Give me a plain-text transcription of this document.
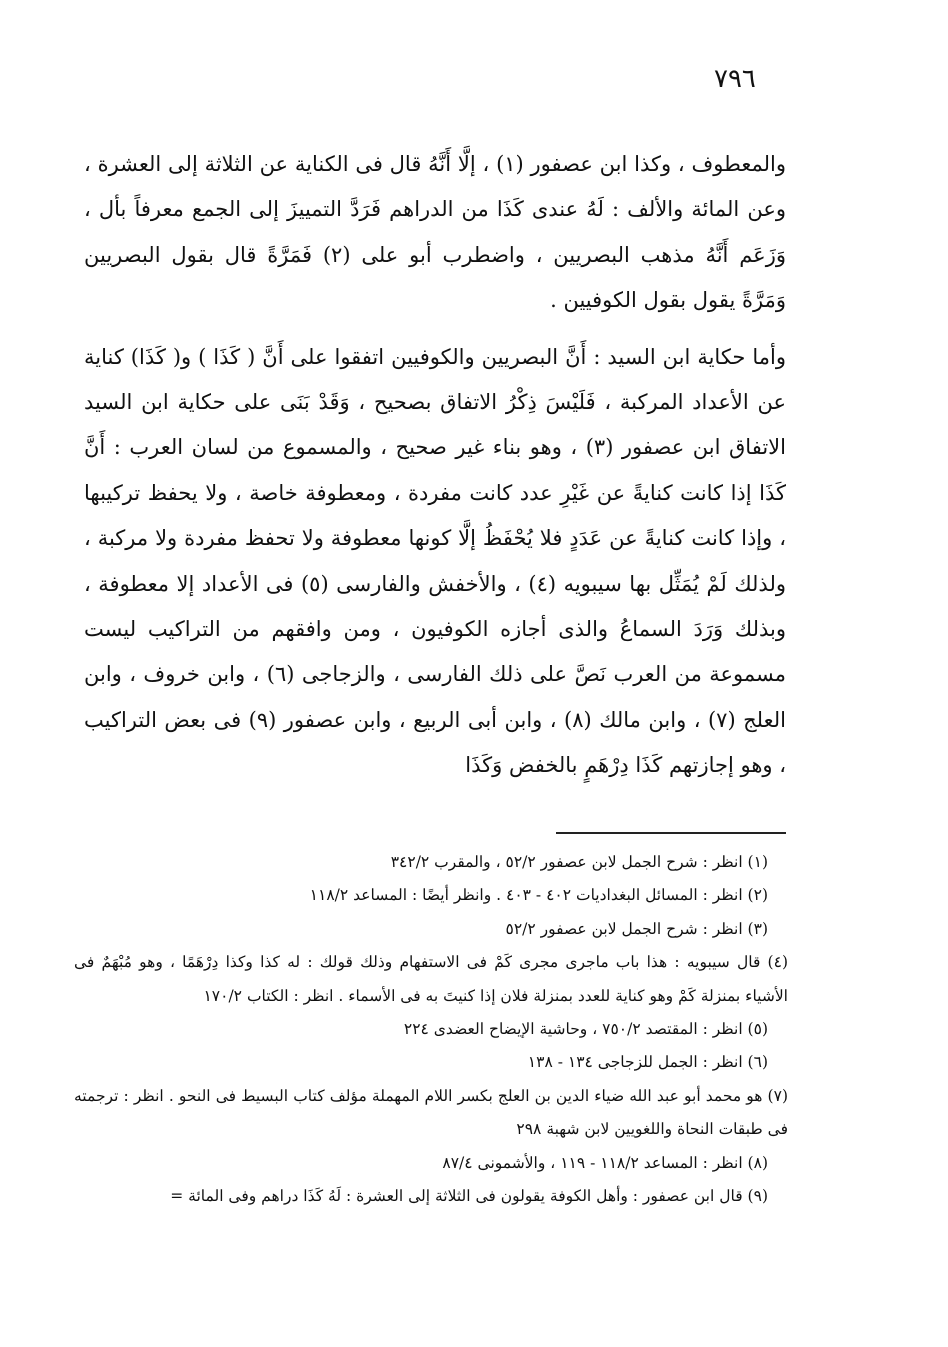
٧٩٦

والمعطوف ، وكذا ابن عصفور (١) ، إلَّا أَنَّهُ قال فى الكناية عن الثلاثة إلى العشرة ، وعن المائة والألف : لَهُ عندى كَذَا من الدراهم فَرَدَّ التمييزَ إلى الجمع معرفاً بأل ، وَزَعَم أَنَّهُ مذهب البصريين ، واضطرب أبو على (٢) فَمَرَّةً قال بقول البصريين وَمَرَّةً يقول بقول الكوفيين .

وأما حكاية ابن السيد : أَنَّ البصريين والكوفيين اتفقوا على أَنَّ ( كَذَا ) و( كَذَا) كناية عن الأعداد المركبة ، فَلَيْسَ ذِكْرُ الاتفاق بصحيح ، وَقَدْ بَنَى على حكاية ابن السيد الاتفاق ابن عصفور (٣) ، وهو بناء غير صحيح ، والمسموع من لسان العرب : أَنَّ كَذَا إذا كانت كنايةً عن غَيْرِ عدد كانت مفردة ، ومعطوفة خاصة ، ولا يحفظ تركيبها ، وإذا كانت كنايةً عن عَدَدٍ فلا يُحْفَظُ إلَّا كونها معطوفة ولا تحفظ مفردة ولا مركبة ، ولذلك لَمْ يُمَثِّل بها سيبويه (٤) ، والأخفش والفارسى (٥) فى الأعداد إلا معطوفة ، وبذلك وَرَدَ السماعُ والذى أجازه الكوفيون ، ومن وافقهم من التراكيب ليست مسموعة من العرب نَصَّ على ذلك الفارسى ، والزجاجى (٦) ، وابن خروف ، وابن العلج (٧) ، وابن مالك (٨) ، وابن أبى الربيع ، وابن عصفور (٩) فى بعض التراكيب ، وهو إجازتهم كَذَا دِرْهَمٍ بالخفض وَكَذَا

(١) انظر : شرح الجمل لابن عصفور ٥٢/٢ ، والمقرب ٣٤٢/٢

(٢) انظر : المسائل البغداديات ٤٠٢ - ٤٠٣ . وانظر أيضًا : المساعد ١١٨/٢

(٣) انظر : شرح الجمل لابن عصفور ٥٢/٢

(٤) قال سيبويه : هذا باب ماجرى مجرى كَمْ فى الاستفهام وذلك قولك : له كذا وكذا دِرْهَمًا ، وهو مُبْهَمٌ فى الأشياء بمنزلة كَمْ وهو كناية للعدد بمنزلة فلان إذا كنيتَ به فى الأسماء . انظر : الكتاب ١٧٠/٢

(٥) انظر : المقتصد ٧٥٠/٢ ، وحاشية الإيضاح العضدى ٢٢٤

(٦) انظر : الجمل للزجاجى ١٣٤ - ١٣٨

(٧) هو محمد أبو عبد الله ضياء الدين بن العلج بكسر اللام المهملة مؤلف كتاب البسيط فى النحو . انظر : ترجمته فى طبقات النحاة واللغويين لابن شهبة ٢٩٨

(٨) انظر : المساعد ١١٨/٢ - ١١٩ ، والأشمونى ٨٧/٤

(٩) قال ابن عصفور : وأهل الكوفة يقولون فى الثلاثة إلى العشرة : لَهُ كَذَا دراهم وفى المائة =
